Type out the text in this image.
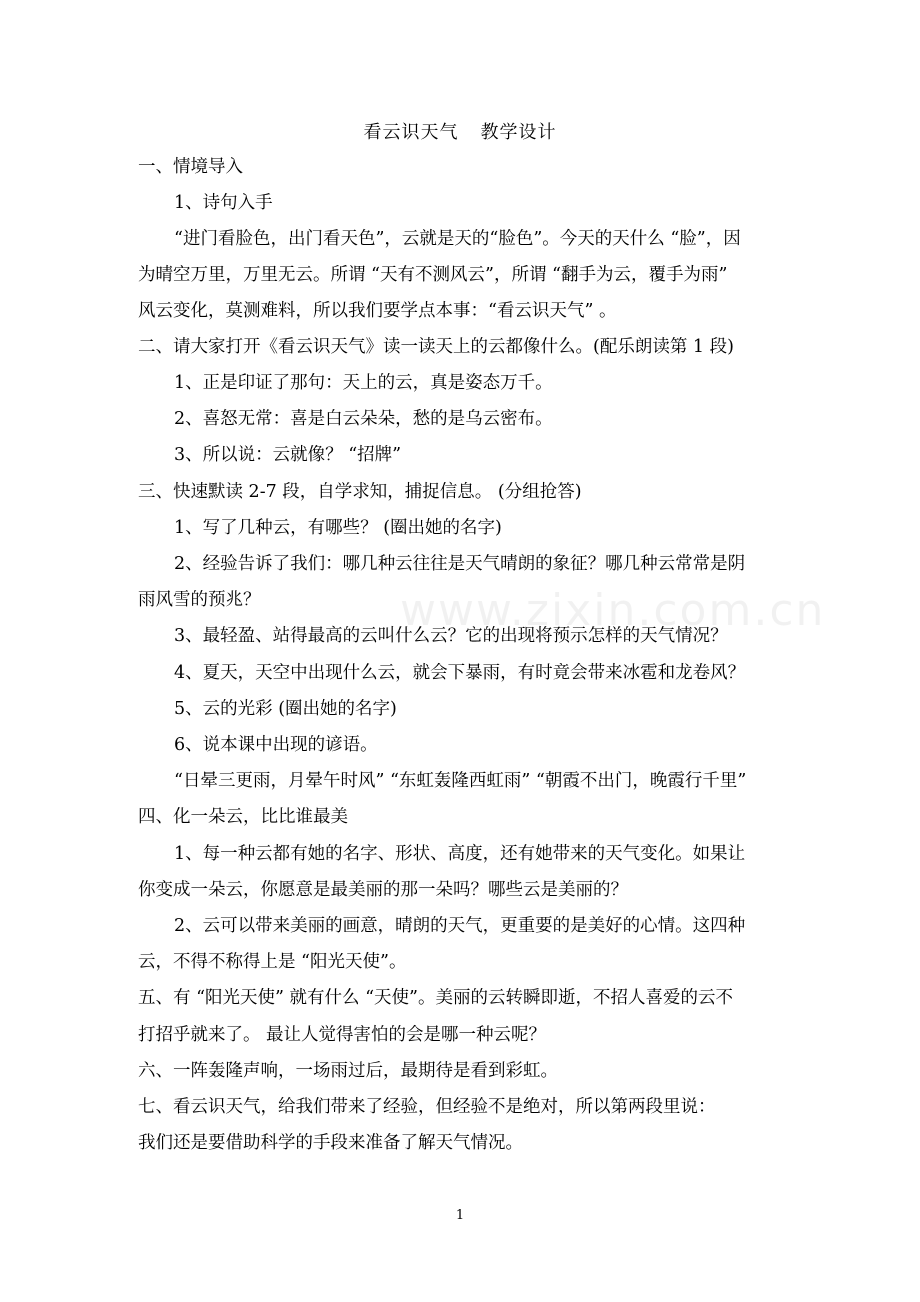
看云识天气 教学设计
一、情境导入
1、诗句入手
“进门看脸色，出门看天色”，云就是天的“脸色”。今天的天什么 “脸”，因
为晴空万里，万里无云。所谓 “天有不测风云”，所谓 “翻手为云，覆手为雨”
风云变化，莫测难料，所以我们要学点本事：“看云识天气” 。
二、请大家打开《看云识天气》读一读天上的云都像什么。(配乐朗读第 1 段)
1、正是印证了那句：天上的云，真是姿态万千。
2、喜怒无常：喜是白云朵朵，愁的是乌云密布。
3、所以说：云就像？ “招牌”
三、快速默读 2-7 段，自学求知，捕捉信息。 (分组抢答)
1、写了几种云，有哪些？ (圈出她的名字)
2、经验告诉了我们：哪几种云往往是天气晴朗的象征？哪几种云常常是阴
雨风雪的预兆？
3、最轻盈、站得最高的云叫什么云？它的出现将预示怎样的天气情况？
4、夏天，天空中出现什么云，就会下暴雨，有时竟会带来冰雹和龙卷风？
5、云的光彩 (圈出她的名字)
6、说本课中出现的谚语。
“日晕三更雨，月晕午时风” “东虹轰隆西虹雨” “朝霞不出门，晚霞行千里”
四、化一朵云，比比谁最美
1、每一种云都有她的名字、形状、高度，还有她带来的天气变化。如果让
你变成一朵云，你愿意是最美丽的那一朵吗？哪些云是美丽的？
2、云可以带来美丽的画意，晴朗的天气，更重要的是美好的心情。这四种
云，不得不称得上是 “阳光天使”。
五、有 “阳光天使” 就有什么 “天使”。美丽的云转瞬即逝，不招人喜爱的云不
打招乎就来了。 最让人觉得害怕的会是哪一种云呢？
六、一阵轰隆声响，一场雨过后，最期待是看到彩虹。
七、看云识天气，给我们带来了经验，但经验不是绝对，所以第两段里说：
我们还是要借助科学的手段来准备了解天气情况。
www.zixin.com.cn
1
